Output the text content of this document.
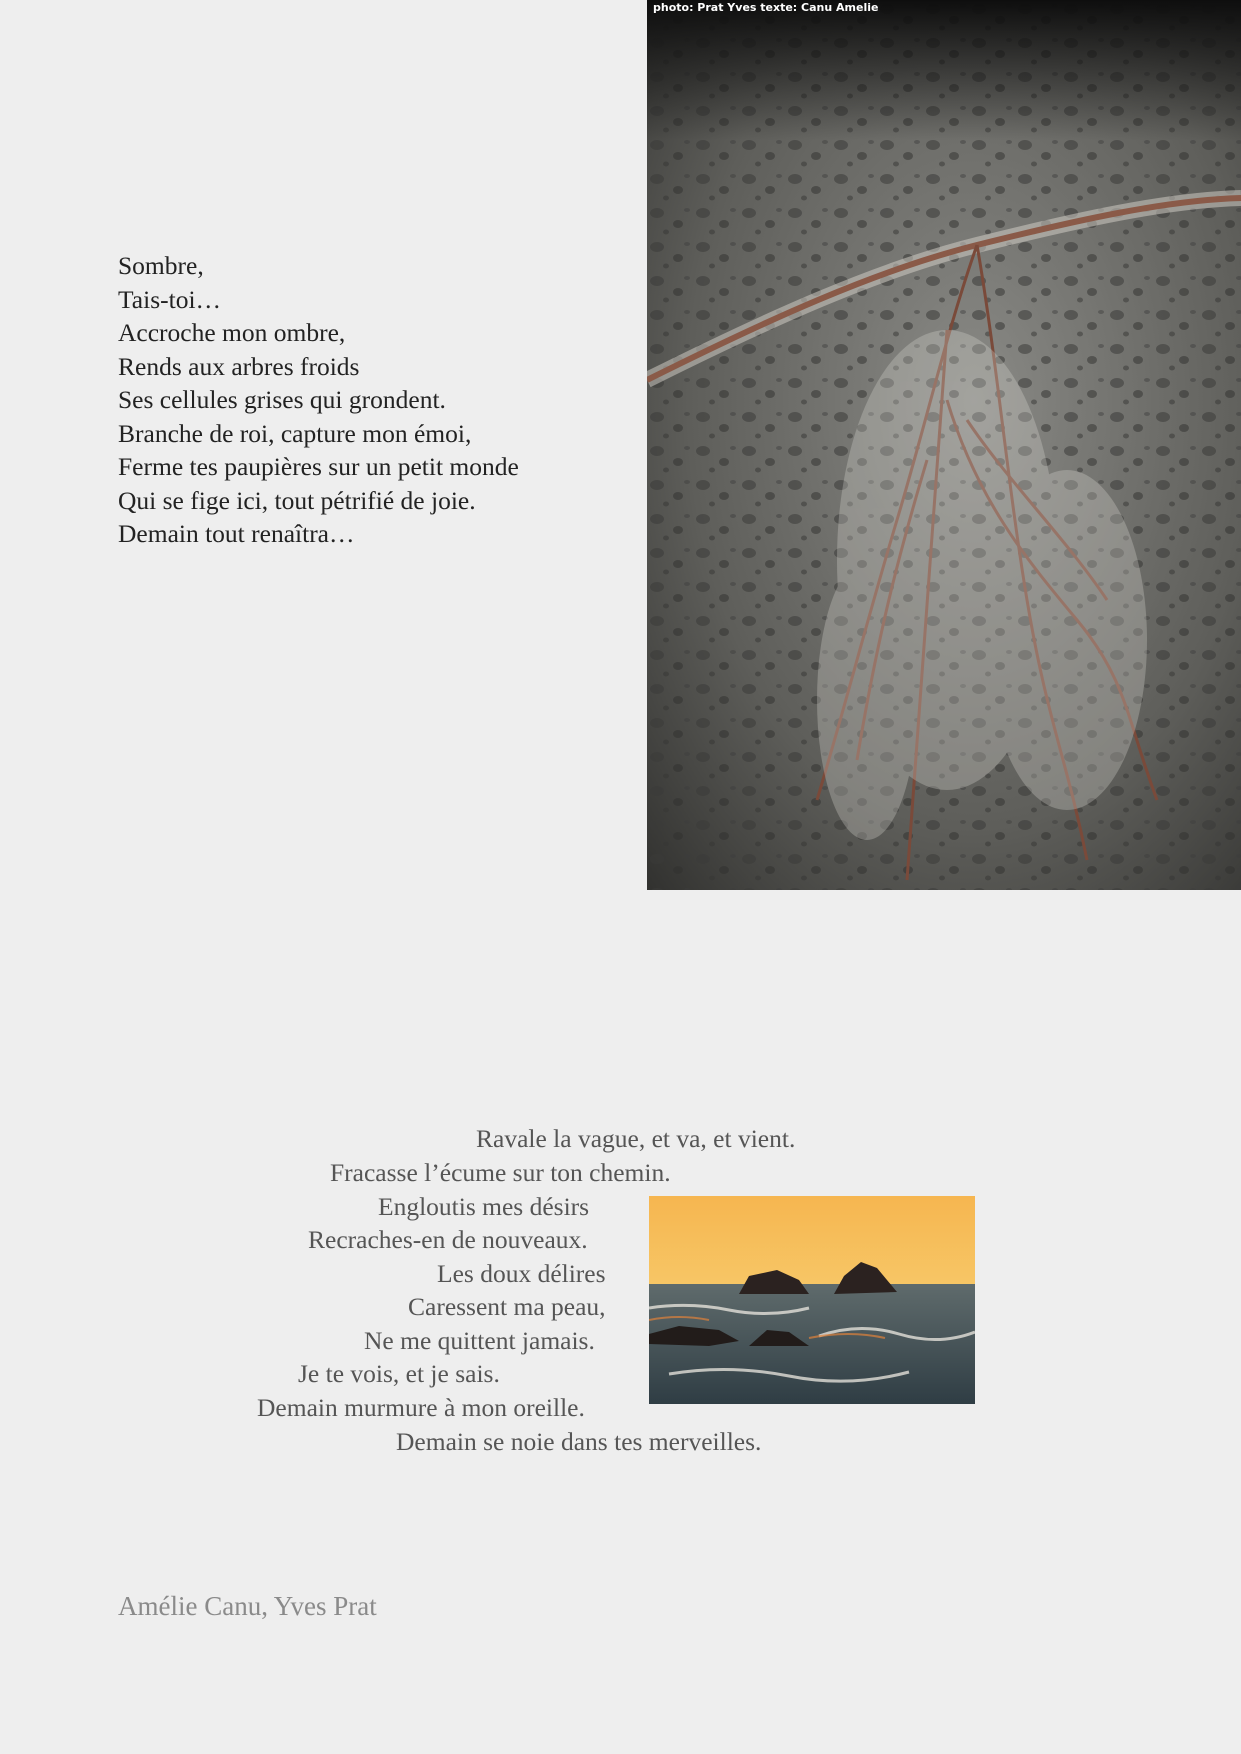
Sombre,
Tais-toi…
Accroche mon ombre,
Rends aux arbres froids
Ses cellules grises qui grondent.
Branche de roi, capture mon émoi,
Ferme tes paupières sur un petit monde
Qui se fige ici, tout pétrifié de joie.
Demain tout renaîtra…
photo: Prat Yves texte: Canu Amelie
Ravale la vague, et va, et vient.
Fracasse l’écume sur ton chemin.
Engloutis mes désirs
Recraches-en de nouveaux.
Les doux délires
Caressent ma peau,
Ne me quittent jamais.
Je te vois, et je sais.
Demain murmure à mon oreille.
Demain se noie dans tes merveilles.
Amélie Canu, Yves Prat
